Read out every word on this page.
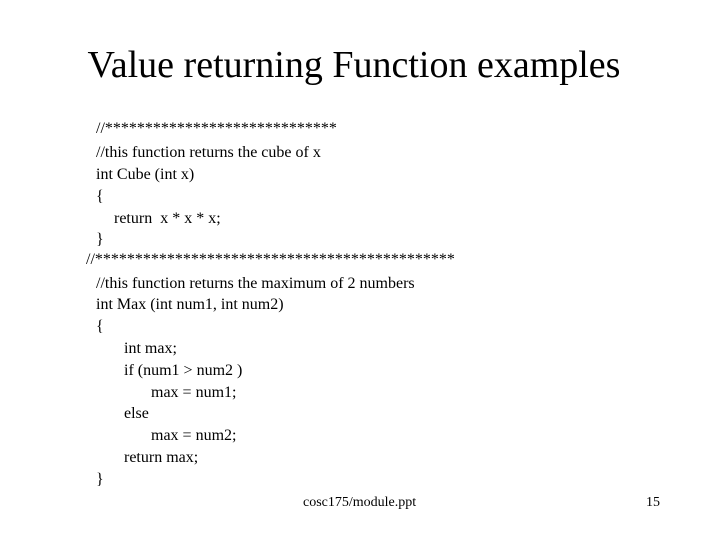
Value returning Function examples
//*****************************
//this function returns the cube of x
int Cube (int x)
{
return  x * x * x;
}
//*********************************************
//this function returns the maximum of 2 numbers
int Max (int num1, int num2)
{
int max;
if (num1 > num2 )
max = num1;
else
max = num2;
return max;
}
cosc175/module.ppt	15
